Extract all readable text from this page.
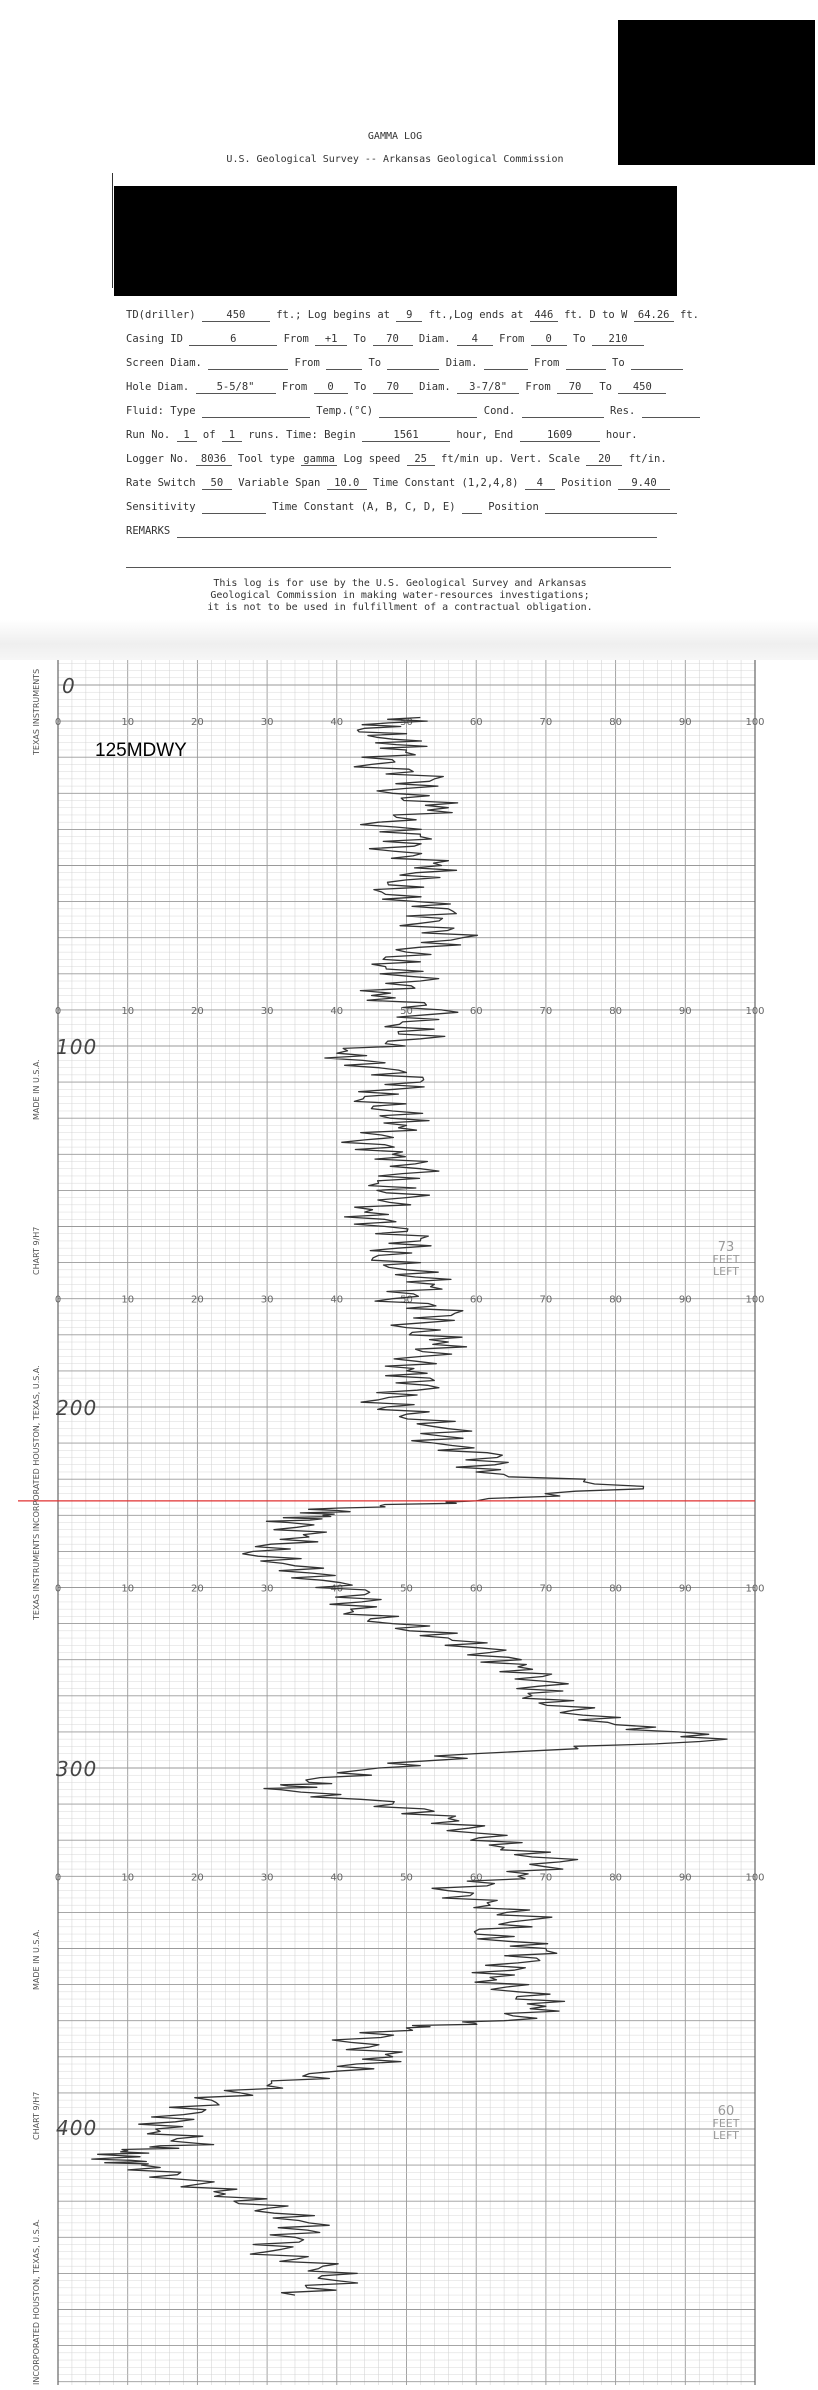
GAMMA LOG
U.S. Geological Survey -- Arkansas Geological Commission
TD(driller)	450	ft.; Log begins at 9 ft.,Log ends at 446 ft. D to W 64.26 ft.
Casing ID	6	From +1 To 70 Diam. 4 From 0 To 210
Screen Diam.	From	To	Diam.	From	To
Hole Diam.	5-5/8"	From 0 To 70 Diam. 3-7/8" From 70 To 450
Fluid: Type	Temp.(°C)	Cond.	Res.
Run No. 1 of 1 runs. Time: Begin	1561	hour, End	1609	hour.
Logger No. 8036 Tool type gamma Log speed 25 ft/min up. Vert. Scale 20 ft/in.
Rate Switch 50 Variable Span 10.0 Time Constant (1,2,4,8) 4 Position 9.40
Sensitivity	Time Constant (A, B, C, D, E)	Position
REMARKS
This log is for use by the U.S. Geological Survey and Arkansas
Geological Commission in making water-resources investigations;
it is not to be used in fulfillment of a contractual obligation.
0	10	20	30	40	50	60	70	80	90	100
0	10	20	30	40	50	60	70	80	90	100
0	10	20	30	40	50	60	70	80	90	100
0	10	20	30	40	50	60	70	80	90	100
0	10	20	30	40	50	60	70	80	90	100
TEXAS INSTRUMENTS
MADE IN U.S.A.
CHART 9/H7
TEXAS INSTRUMENTS INCORPORATED HOUSTON, TEXAS, U.S.A.
MADE IN U.S.A.
CHART 9/H7
INCORPORATED HOUSTON, TEXAS, U.S.A.
125MDWY
0
100
200
300
400
73
FEET
LEFT
60
FEET
LEFT
